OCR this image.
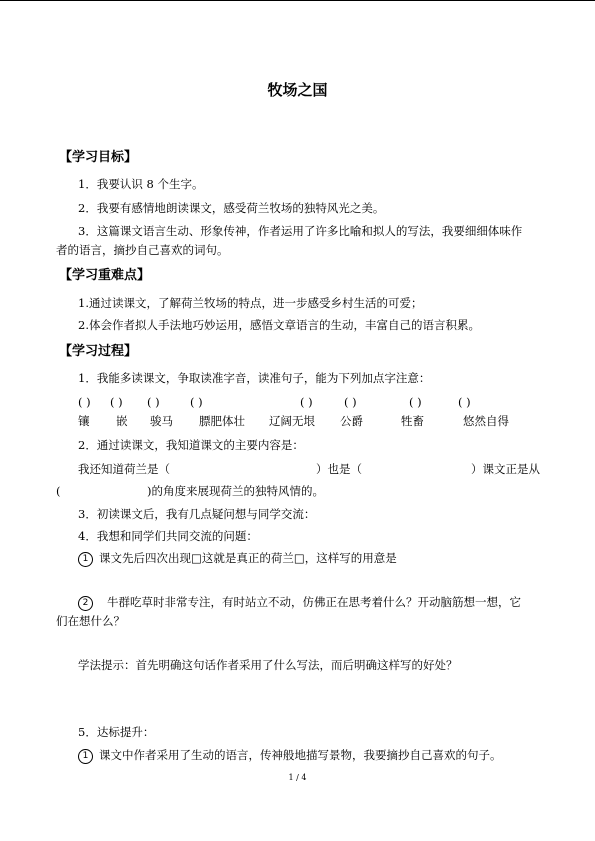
牧场之国
【学习目标】
1．我要认识 8 个生字。
2．我要有感情地朗读课文，感受荷兰牧场的独特风光之美。
3．这篇课文语言生动、形象传神，作者运用了许多比喻和拟人的写法，我要细细体味作
者的语言，摘抄自己喜欢的词句。
【学习重难点】
1.通过读课文，了解荷兰牧场的特点，进一步感受乡村生活的可爱；
2.体会作者拟人手法地巧妙运用，感悟文章语言的生动，丰富自己的语言积累。
【学习过程】
1．我能多读课文，争取读准字音，读准句子，能为下列加点字注意：
( ) ( ) ( )	( )	( )	( )	( )	( )
镶 嵌 骏马 膘肥体壮 辽阔无垠 公爵	牲畜	悠然自得
2．通过读课文，我知道课文的主要内容是：
我还知道荷兰是（	）也是（	）课文正是从
(	)的角度来展现荷兰的独特风情的。
3．初读课文后，我有几点疑问想与同学交流：
4．我想和同学们共同交流的问题：
1 课文先后四次出现□这就是真正的荷兰□，这样写的用意是
2 牛群吃草时非常专注，有时站立不动，仿佛正在思考着什么？开动脑筋想一想，它
们在想什么？
学法提示：首先明确这句话作者采用了什么写法，而后明确这样写的好处？
5．达标提升：
1 课文中作者采用了生动的语言，传神般地描写景物，我要摘抄自己喜欢的句子。
1 / 4
